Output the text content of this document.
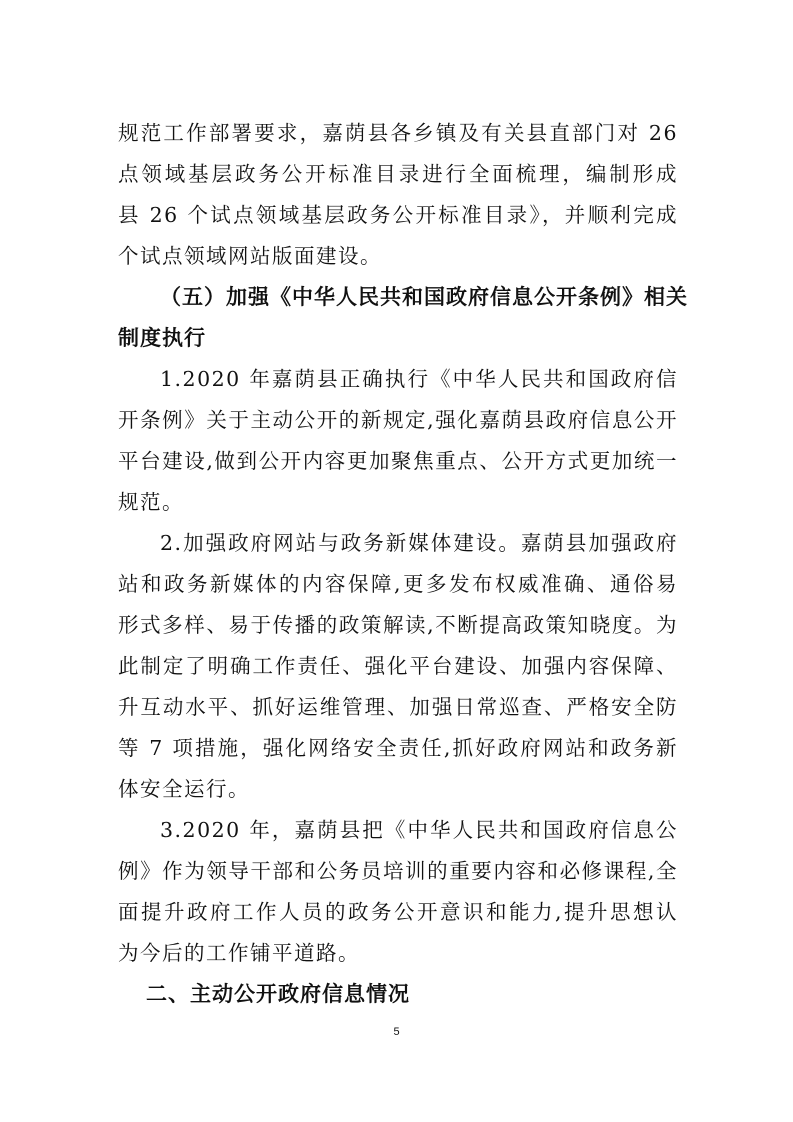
规范工作部署要求，嘉荫县各乡镇及有关县直部门对 26
点领域基层政务公开标准目录进行全面梳理，编制形成
县 26 个试点领域基层政务公开标准目录》，并顺利完成
个试点领域网站版面建设。
（五）加强《中华人民共和国政府信息公开条例》相关
制度执行
1.2020 年嘉荫县正确执行《中华人民共和国政府信
开条例》关于主动公开的新规定,强化嘉荫县政府信息公开
平台建设,做到公开内容更加聚焦重点、公开方式更加统一
规范。
2.加强政府网站与政务新媒体建设。嘉荫县加强政府
站和政务新媒体的内容保障,更多发布权威准确、通俗易
形式多样、易于传播的政策解读,不断提高政策知晓度。为
此制定了明确工作责任、强化平台建设、加强内容保障、
升互动水平、抓好运维管理、加强日常巡查、严格安全防
等 7 项措施，强化网络安全责任,抓好政府网站和政务新
体安全运行。
3.2020 年，嘉荫县把《中华人民共和国政府信息公
例》作为领导干部和公务员培训的重要内容和必修课程,全
面提升政府工作人员的政务公开意识和能力,提升思想认
为今后的工作铺平道路。
二、主动公开政府信息情况
5
